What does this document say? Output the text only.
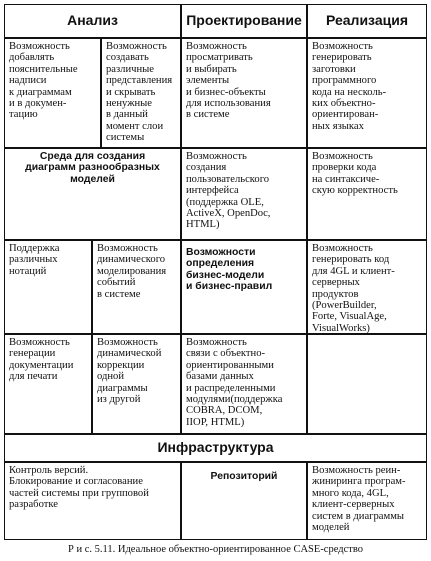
Анализ	Проектирование	Реализация
Возможность
добавлять
пояснительные
надписи
к диаграммам
и в докумен-
тацию
Возможность
создавать
различные
представления
и скрывать
ненужные
в данный
момент слои
системы
Возможность
просматривать
и выбирать
элементы
и бизнес-объекты
для использования
в системе
Возможность
генерировать
заготовки
программного
кода на несколь-
ких объектно-
ориентирован-
ных языках
Среда для создания
диаграмм разнообразных
моделей
Возможность
создания
пользовательского
интерфейса
(поддержка OLE,
ActiveX, OpenDoc,
HTML)
Возможность
проверки кода
на синтаксиче-
скую корректность
Поддержка
различных
нотаций
Возможность
динамического
моделирования
событий
в системе
Возможности
определения
бизнес-модели
и бизнес-правил
Возможность
генерировать код
для 4GL и клиент-
серверных
продуктов
(PowerBuilder,
Forte, VisualAge,
VisualWorks)
Возможность
генерации
документации
для печати
Возможность
динамической
коррекции
одной
диаграммы
из другой
Возможность
связи с объектно-
ориентированными
базами данных
и распределенными
модулями(поддержка
COBRA, DCOM,
IIOP, HTML)
Инфраструктура
Контроль версий.
Блокирование и согласование
частей системы при групповой
разработке
Репозиторий
Возможность реин-
жиниринга програм-
много кода, 4GL,
клиент-серверных
систем в диаграммы
моделей
Р и с. 5.11. Идеальное объектно-ориентированное CASE-средство
